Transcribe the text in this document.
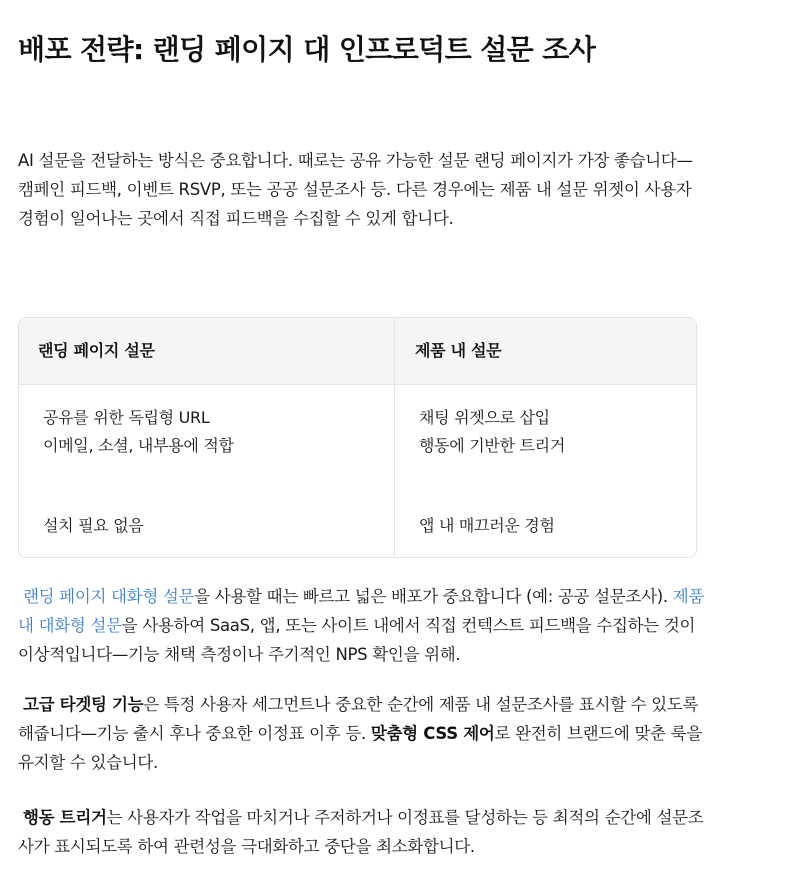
배포 전략: 랜딩 페이지 대 인프로덕트 설문 조사

AI 설문을 전달하는 방식은 중요합니다. 때로는 공유 가능한 설문 랜딩 페이지가 가장 좋습니다—캠페인 피드백, 이벤트 RSVP, 또는 공공 설문조사 등. 다른 경우에는 제품 내 설문 위젯이 사용자 경험이 일어나는 곳에서 직접 피드백을 수집할 수 있게 합니다.

랜딩 페이지 설문	제품 내 설문
공유를 위한 독립형 URL
이메일, 소셜, 내부용에 적합
설치 필요 없음
채팅 위젯으로 삽입
행동에 기반한 트리거
앱 내 매끄러운 경험

랜딩 페이지 대화형 설문을 사용할 때는 빠르고 넓은 배포가 중요합니다 (예: 공공 설문조사). 제품 내 대화형 설문을 사용하여 SaaS, 앱, 또는 사이트 내에서 직접 컨텍스트 피드백을 수집하는 것이 이상적입니다—기능 채택 측정이나 주기적인 NPS 확인을 위해.

고급 타겟팅 기능은 특정 사용자 세그먼트나 중요한 순간에 제품 내 설문조사를 표시할 수 있도록 해줍니다—기능 출시 후나 중요한 이정표 이후 등. 맞춤형 CSS 제어로 완전히 브랜드에 맞춘 룩을 유지할 수 있습니다.

행동 트리거는 사용자가 작업을 마치거나 주저하거나 이정표를 달성하는 등 최적의 순간에 설문조사가 표시되도록 하여 관련성을 극대화하고 중단을 최소화합니다.
